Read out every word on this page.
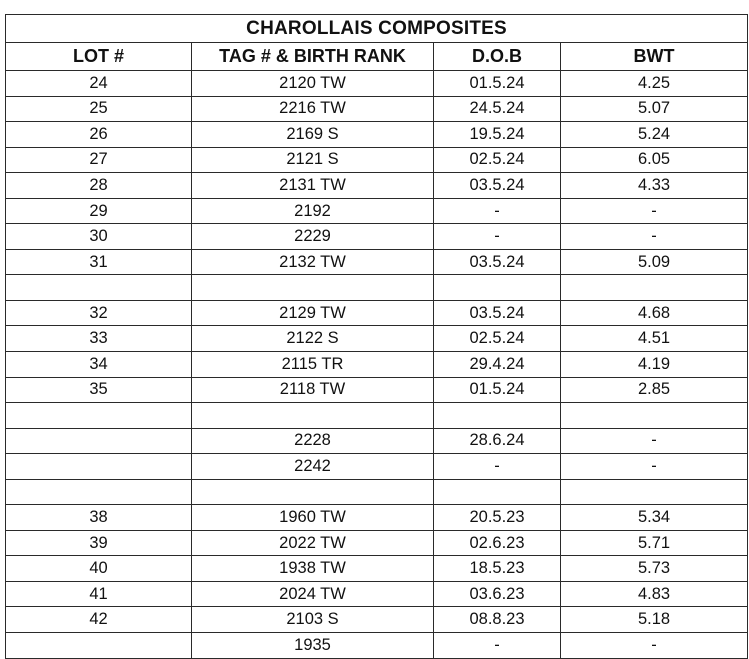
CHAROLLAIS COMPOSITES			
LOT #	TAG # & BIRTH RANK	D.O.B	BWT
24	2120 TW	01.5.24	4.25
25	2216 TW	24.5.24	5.07
26	2169 S	19.5.24	5.24
27	2121 S	02.5.24	6.05
28	2131 TW	03.5.24	4.33
29	2192	-	-
30	2229	-	-
31	2132 TW	03.5.24	5.09

32	2129 TW	03.5.24	4.68
33	2122 S	02.5.24	4.51
34	2115 TR	29.4.24	4.19
35	2118 TW	01.5.24	2.85

	2228	28.6.24	-
	2242	-	-

38	1960 TW	20.5.23	5.34
39	2022 TW	02.6.23	5.71
40	1938 TW	18.5.23	5.73
41	2024 TW	03.6.23	4.83
42	2103 S	08.8.23	5.18
	1935	-	-
